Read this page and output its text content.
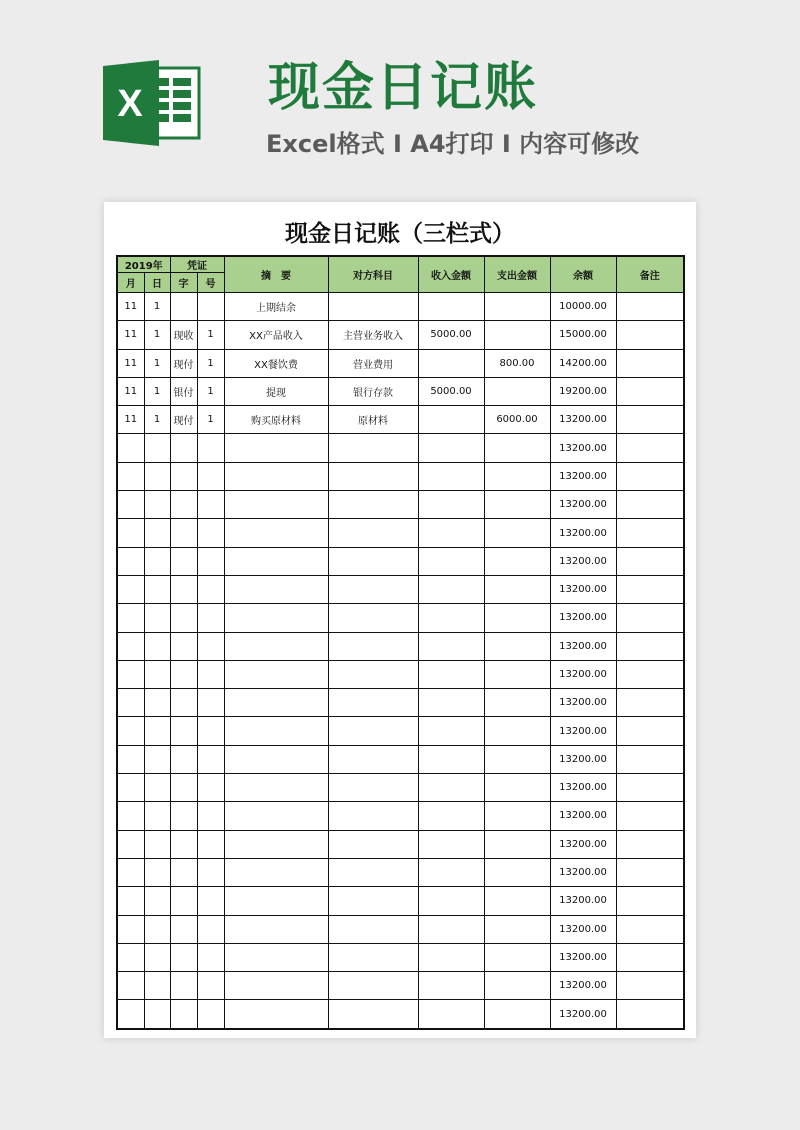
X 现金日记账
Excel格式 I A4打印 I 内容可修改
现金日记账（三栏式）
2019年		凭证		摘　要	对方科目	收入金额	支出金额	余额	备注
月	日	字	号						
11	1			上期结余				10000.00	
11	1	现收	1	XX产品收入	主营业务收入	5000.00		15000.00	
11	1	现付	1	XX餐饮费	营业费用		800.00	14200.00	
11	1	银付	1	提现	银行存款	5000.00		19200.00	
11	1	现付	1	购买原材料	原材料		6000.00	13200.00	
								13200.00	
								13200.00	
								13200.00	
								13200.00	
								13200.00	
								13200.00	
								13200.00	
								13200.00	
								13200.00	
								13200.00	
								13200.00	
								13200.00	
								13200.00	
								13200.00	
								13200.00	
								13200.00	
								13200.00	
								13200.00	
								13200.00	
								13200.00	
								13200.00	
